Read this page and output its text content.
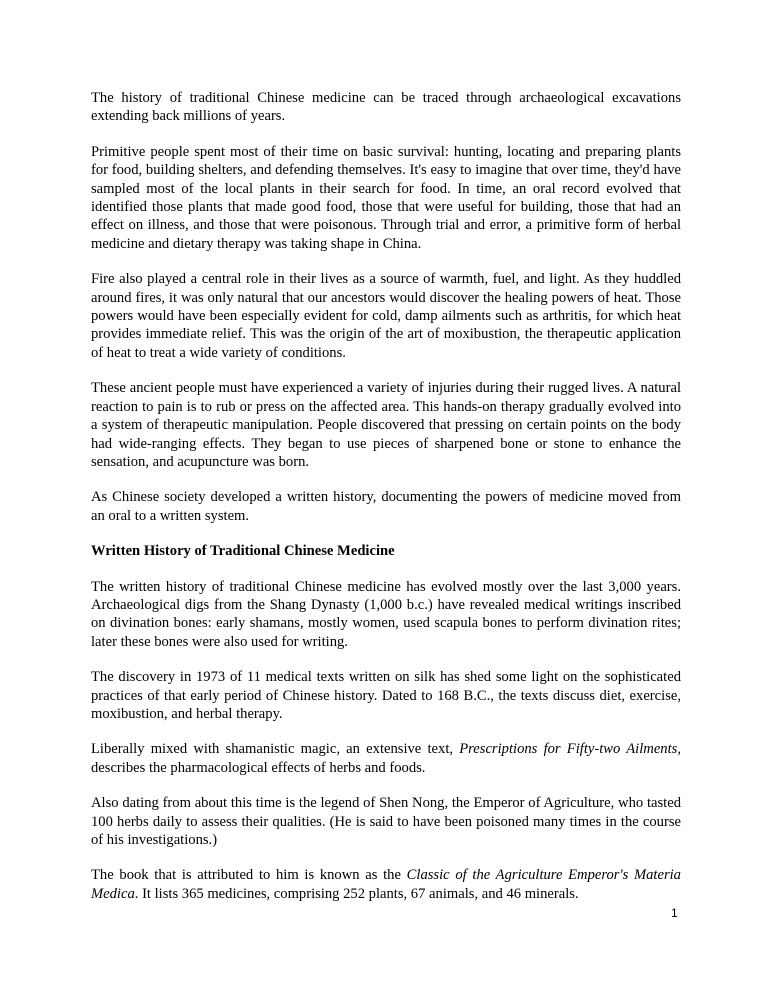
The history of traditional Chinese medicine can be traced through archaeological excavations extending back millions of years.

Primitive people spent most of their time on basic survival: hunting, locating and preparing plants for food, building shelters, and defending themselves. It's easy to imagine that over time, they'd have sampled most of the local plants in their search for food. In time, an oral record evolved that identified those plants that made good food, those that were useful for building, those that had an effect on illness, and those that were poisonous. Through trial and error, a primitive form of herbal medicine and dietary therapy was taking shape in China.

Fire also played a central role in their lives as a source of warmth, fuel, and light. As they huddled around fires, it was only natural that our ancestors would discover the healing powers of heat. Those powers would have been especially evident for cold, damp ailments such as arthritis, for which heat provides immediate relief. This was the origin of the art of moxibustion, the therapeutic application of heat to treat a wide variety of conditions.

These ancient people must have experienced a variety of injuries during their rugged lives. A natural reaction to pain is to rub or press on the affected area. This hands-on therapy gradually evolved into a system of therapeutic manipulation. People discovered that pressing on certain points on the body had wide-ranging effects. They began to use pieces of sharpened bone or stone to enhance the sensation, and acupuncture was born.

As Chinese society developed a written history, documenting the powers of medicine moved from an oral to a written system.

Written History of Traditional Chinese Medicine

The written history of traditional Chinese medicine has evolved mostly over the last 3,000 years. Archaeological digs from the Shang Dynasty (1,000 b.c.) have revealed medical writings inscribed on divination bones: early shamans, mostly women, used scapula bones to perform divination rites; later these bones were also used for writing.

The discovery in 1973 of 11 medical texts written on silk has shed some light on the sophisticated practices of that early period of Chinese history. Dated to 168 B.C., the texts discuss diet, exercise, moxibustion, and herbal therapy.

Liberally mixed with shamanistic magic, an extensive text, Prescriptions for Fifty-two Ailments, describes the pharmacological effects of herbs and foods.

Also dating from about this time is the legend of Shen Nong, the Emperor of Agriculture, who tasted 100 herbs daily to assess their qualities. (He is said to have been poisoned many times in the course of his investigations.)

The book that is attributed to him is known as the Classic of the Agriculture Emperor's Materia Medica. It lists 365 medicines, comprising 252 plants, 67 animals, and 46 minerals.

1
